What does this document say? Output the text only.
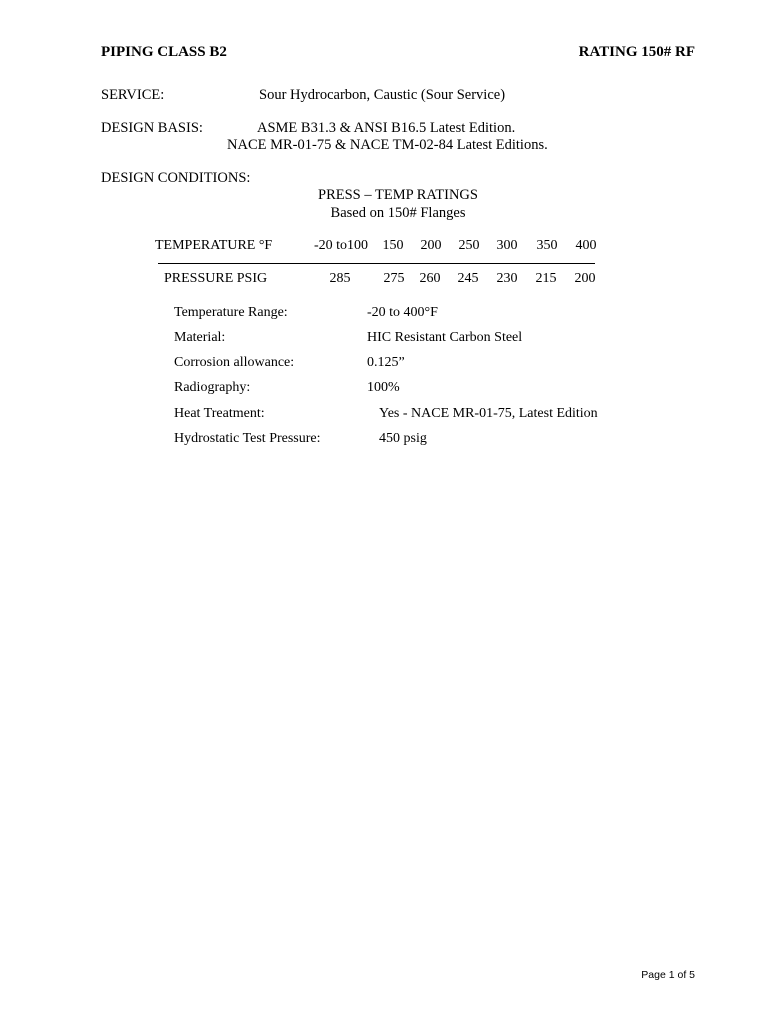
PIPING CLASS B2	RATING 150# RF
SERVICE:	Sour Hydrocarbon, Caustic (Sour Service)
DESIGN BASIS:	ASME B31.3 & ANSI B16.5 Latest Edition.
NACE MR-01-75 & NACE TM-02-84 Latest Editions.
DESIGN CONDITIONS:
PRESS – TEMP RATINGS
Based on 150# Flanges
TEMPERATURE °F	-20 to100	150	200	250	300	350	400
PRESSURE PSIG	285	275	260	245	230	215	200
Temperature Range:	-20 to 400°F
Material:	HIC Resistant Carbon Steel
Corrosion allowance:	0.125”
Radiography:	100%
Heat Treatment:	Yes - NACE MR-01-75, Latest Edition
Hydrostatic Test Pressure:	450 psig
Page 1 of 5
